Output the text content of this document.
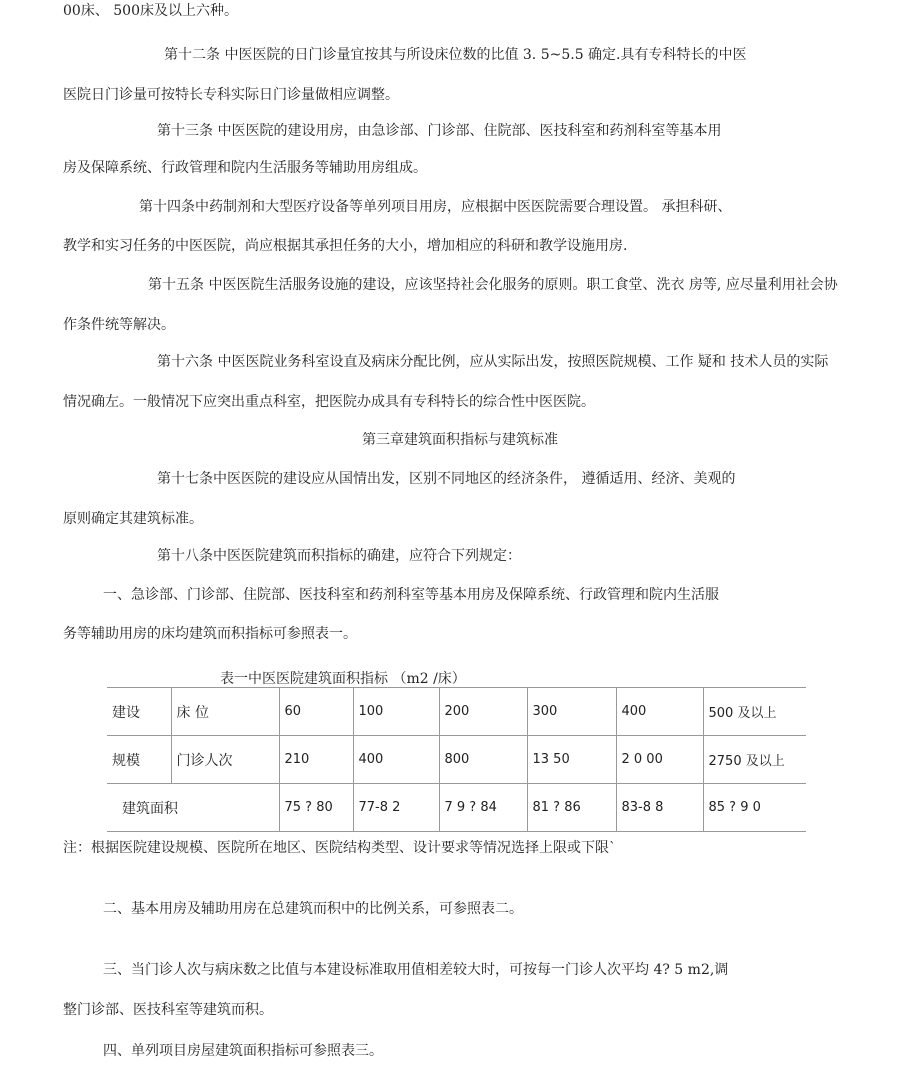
00床、 500床及以上六种。
第十二条 中医医院的日门诊量宜按其与所设床位数的比值 3. 5~5.5 确定.具有专科特长的中医
医院日门诊量可按特长专科实际日门诊量做相应调整。
第十三条 中医医院的建设用房，由急诊部、门诊部、住院部、医技科室和药剂科室等基本用
房及保障系统、行政管理和院内生活服务等辅助用房组成。
第十四条中药制剂和大型医疗设备等单列项目用房，应根据中医医院需要合理设置。 承担科研、
教学和实习任务的中医医院，尚应根据其承担任务的大小，增加相应的科研和教学设施用房.
第十五条 中医医院生活服务设施的建设，应该坚持社会化服务的原则。职工食堂、洗衣 房等, 应尽量利用社会协
作条件统等解决。
第十六条 中医医院业务科室设直及病床分配比例，应从实际出发，按照医院规模、工作 疑和 技术人员的实际
情况确左。一般情况下应突出重点科室，把医院办成具有专科特长的综合性中医医院。
第三章建筑面积指标与建筑标准
第十七条中医医院的建设应从国情出发，区别不同地区的经济条件， 遵循适用、经济、美观的
原则确定其建筑标准。
第十八条中医医院建筑而积指标的确建，应符合下列规定：
一、急诊部、门诊部、住院部、医技科室和药剂科室等基本用房及保障系统、行政管理和院内生活服
务等辅助用房的床均建筑而积指标可参照表一。
表一中医医院建筑面积指标 （m2 /床）
建设	床 位	60	100	200	300	400	500 及以上
规模	门诊人次	210	400	800	13 50	2 0 00	2750 及以上
建筑面积		75 ? 80	77-8 2	7 9 ? 84	81 ? 86	83-8 8	85 ? 9 0
注：根据医院建设规模、医院所在地区、医院结构类型、设计要求等情况选择上限或下限`
二、基本用房及辅助用房在总建筑而积中的比例关系，可参照表二。
三、当门诊人次与病床数之比值与本建设标准取用值相差较大时，可按每一门诊人次平均 4? 5 m2,调
整门诊部、医技科室等建筑而积。
四、单列项目房屋建筑面积指标可参照表三。
